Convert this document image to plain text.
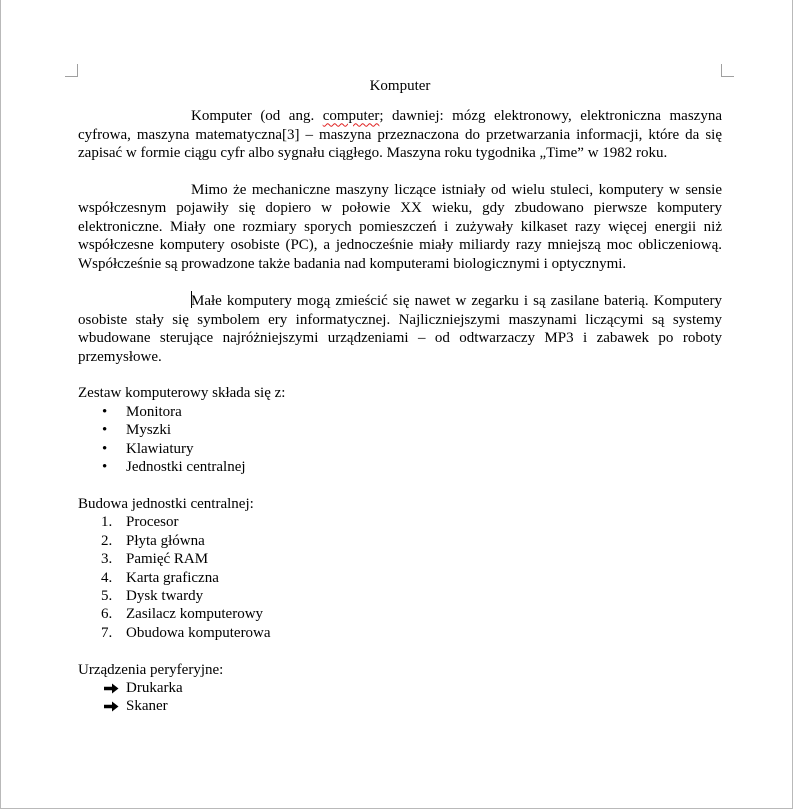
Komputer

Komputer (od ang. computer; dawniej: mózg elektronowy, elektroniczna maszyna cyfrowa, maszyna matematyczna[3] – maszyna przeznaczona do przetwarzania informacji, które da się zapisać w formie ciągu cyfr albo sygnału ciągłego. Maszyna roku tygodnika „Time” w 1982 roku.

Mimo że mechaniczne maszyny liczące istniały od wielu stuleci, komputery w sensie współczesnym pojawiły się dopiero w połowie XX wieku, gdy zbudowano pierwsze komputery elektroniczne. Miały one rozmiary sporych pomieszczeń i zużywały kilkaset razy więcej energii niż współczesne komputery osobiste (PC), a jednocześnie miały miliardy razy mniejszą moc obliczeniową. Współcześnie są prowadzone także badania nad komputerami biologicznymi i optycznymi.

Małe komputery mogą zmieścić się nawet w zegarku i są zasilane baterią. Komputery osobiste stały się symbolem ery informatycznej. Najliczniejszymi maszynami liczącymi są systemy wbudowane sterujące najróżniejszymi urządzeniami – od odtwarzaczy MP3 i zabawek po roboty przemysłowe.

Zestaw komputerowy składa się z:
• Monitora
• Myszki
• Klawiatury
• Jednostki centralnej
Budowa jednostki centralnej:
1. Procesor
2. Płyta główna
3. Pamięć RAM
4. Karta graficzna
5. Dysk twardy
6. Zasilacz komputerowy
7. Obudowa komputerowa
Urządzenia peryferyjne:
Drukarka
Skaner
